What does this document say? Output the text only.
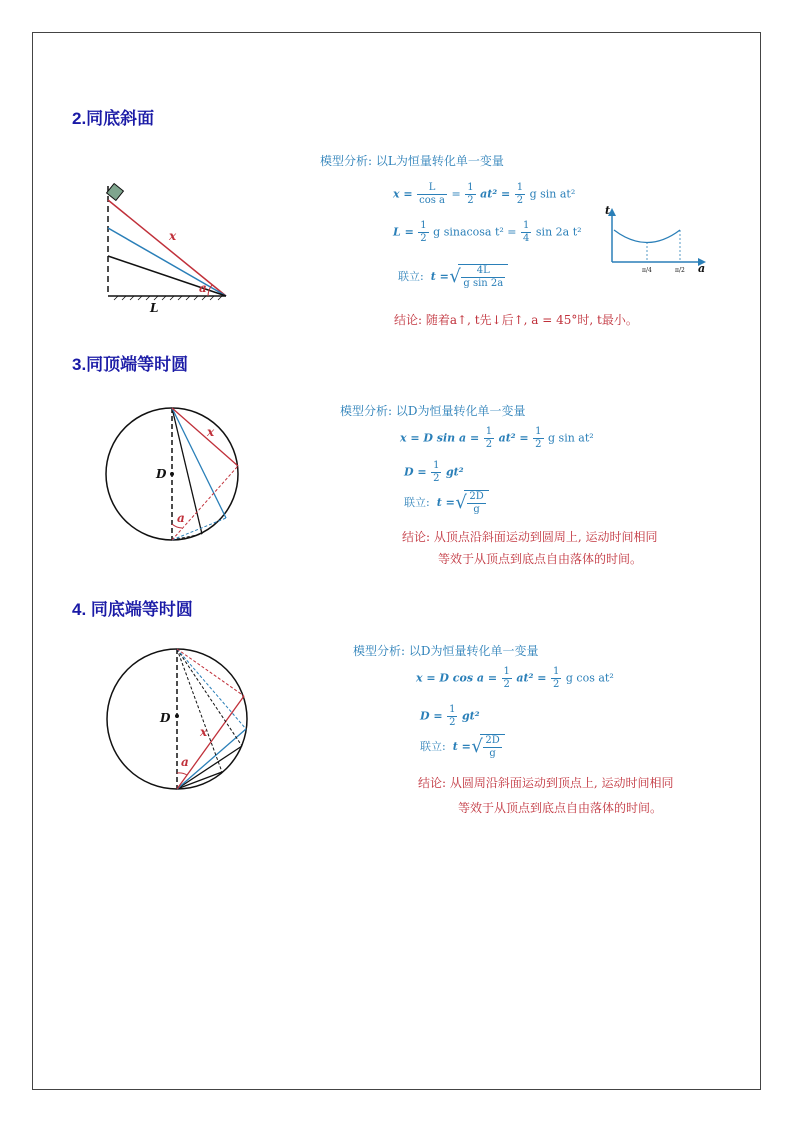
2.同底斜面
x
a
L
模型分析: 以L为恒量转化单一变量
$x = \frac{L}{\text{cos a}} = \frac{1}{2} at^2 = \frac{1}{2}$ g sin at²
$L = \frac{1}{2}$ g sinacosa $t^2 = \frac{1}{4}$ sin 2a t²
联立: t = √ $\frac{4L}{\text{g sin 2a}}$
结论: 随着a↑, t先↓后↑, a = 45°时, t最小。
t
a
π/4	π/2
3.同顶端等时圆
D
x
a
模型分析: 以D为恒量转化单一变量
x = D $\sin a = \frac{1}{2} at^2 = \frac{1}{2}$ g sin at²
$D = \frac{1}{2} gt^2$
联立: t = √ $\frac{2D}{g}$
结论: 从顶点沿斜面运动到圆周上, 运动时间相同
等效于从顶点到底点自由落体的时间。
4. 同底端等时圆
D
x
a
模型分析: 以D为恒量转化单一变量
x = D $\cos a = \frac{1}{2} at^2 = \frac{1}{2}$ g cos at²
$D = \frac{1}{2} gt^2$
联立: t = √ $\frac{2D}{g}$
结论: 从圆周沿斜面运动到顶点上, 运动时间相同
等效于从顶点到底点自由落体的时间。
